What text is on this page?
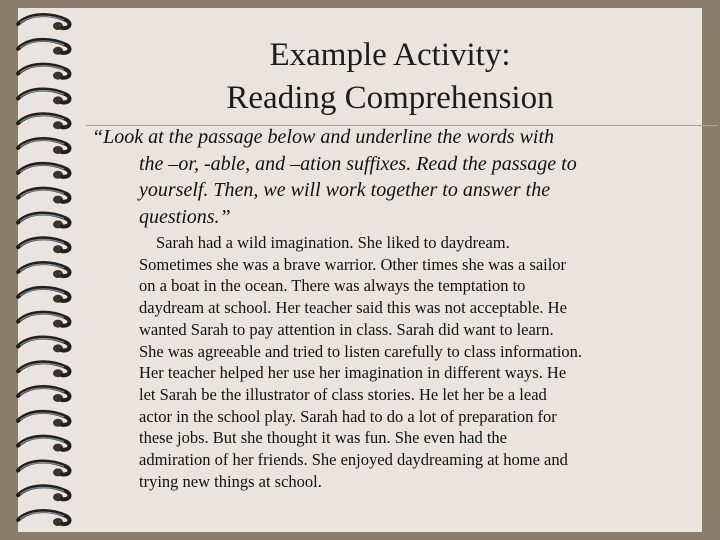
Example Activity:
Reading Comprehension
“Look at the passage below and underline the words with
the –or, -able, and –ation suffixes. Read the passage to
yourself. Then, we will work together to answer the
questions.”
Sarah had a wild imagination. She liked to daydream.
Sometimes she was a brave warrior. Other times she was a sailor
on a boat in the ocean. There was always the temptation to
daydream at school. Her teacher said this was not acceptable. He
wanted Sarah to pay attention in class. Sarah did want to learn.
She was agreeable and tried to listen carefully to class information.
Her teacher helped her use her imagination in different ways. He
let Sarah be the illustrator of class stories. He let her be a lead
actor in the school play. Sarah had to do a lot of preparation for
these jobs. But she thought it was fun. She even had the
admiration of her friends. She enjoyed daydreaming at home and
trying new things at school.
